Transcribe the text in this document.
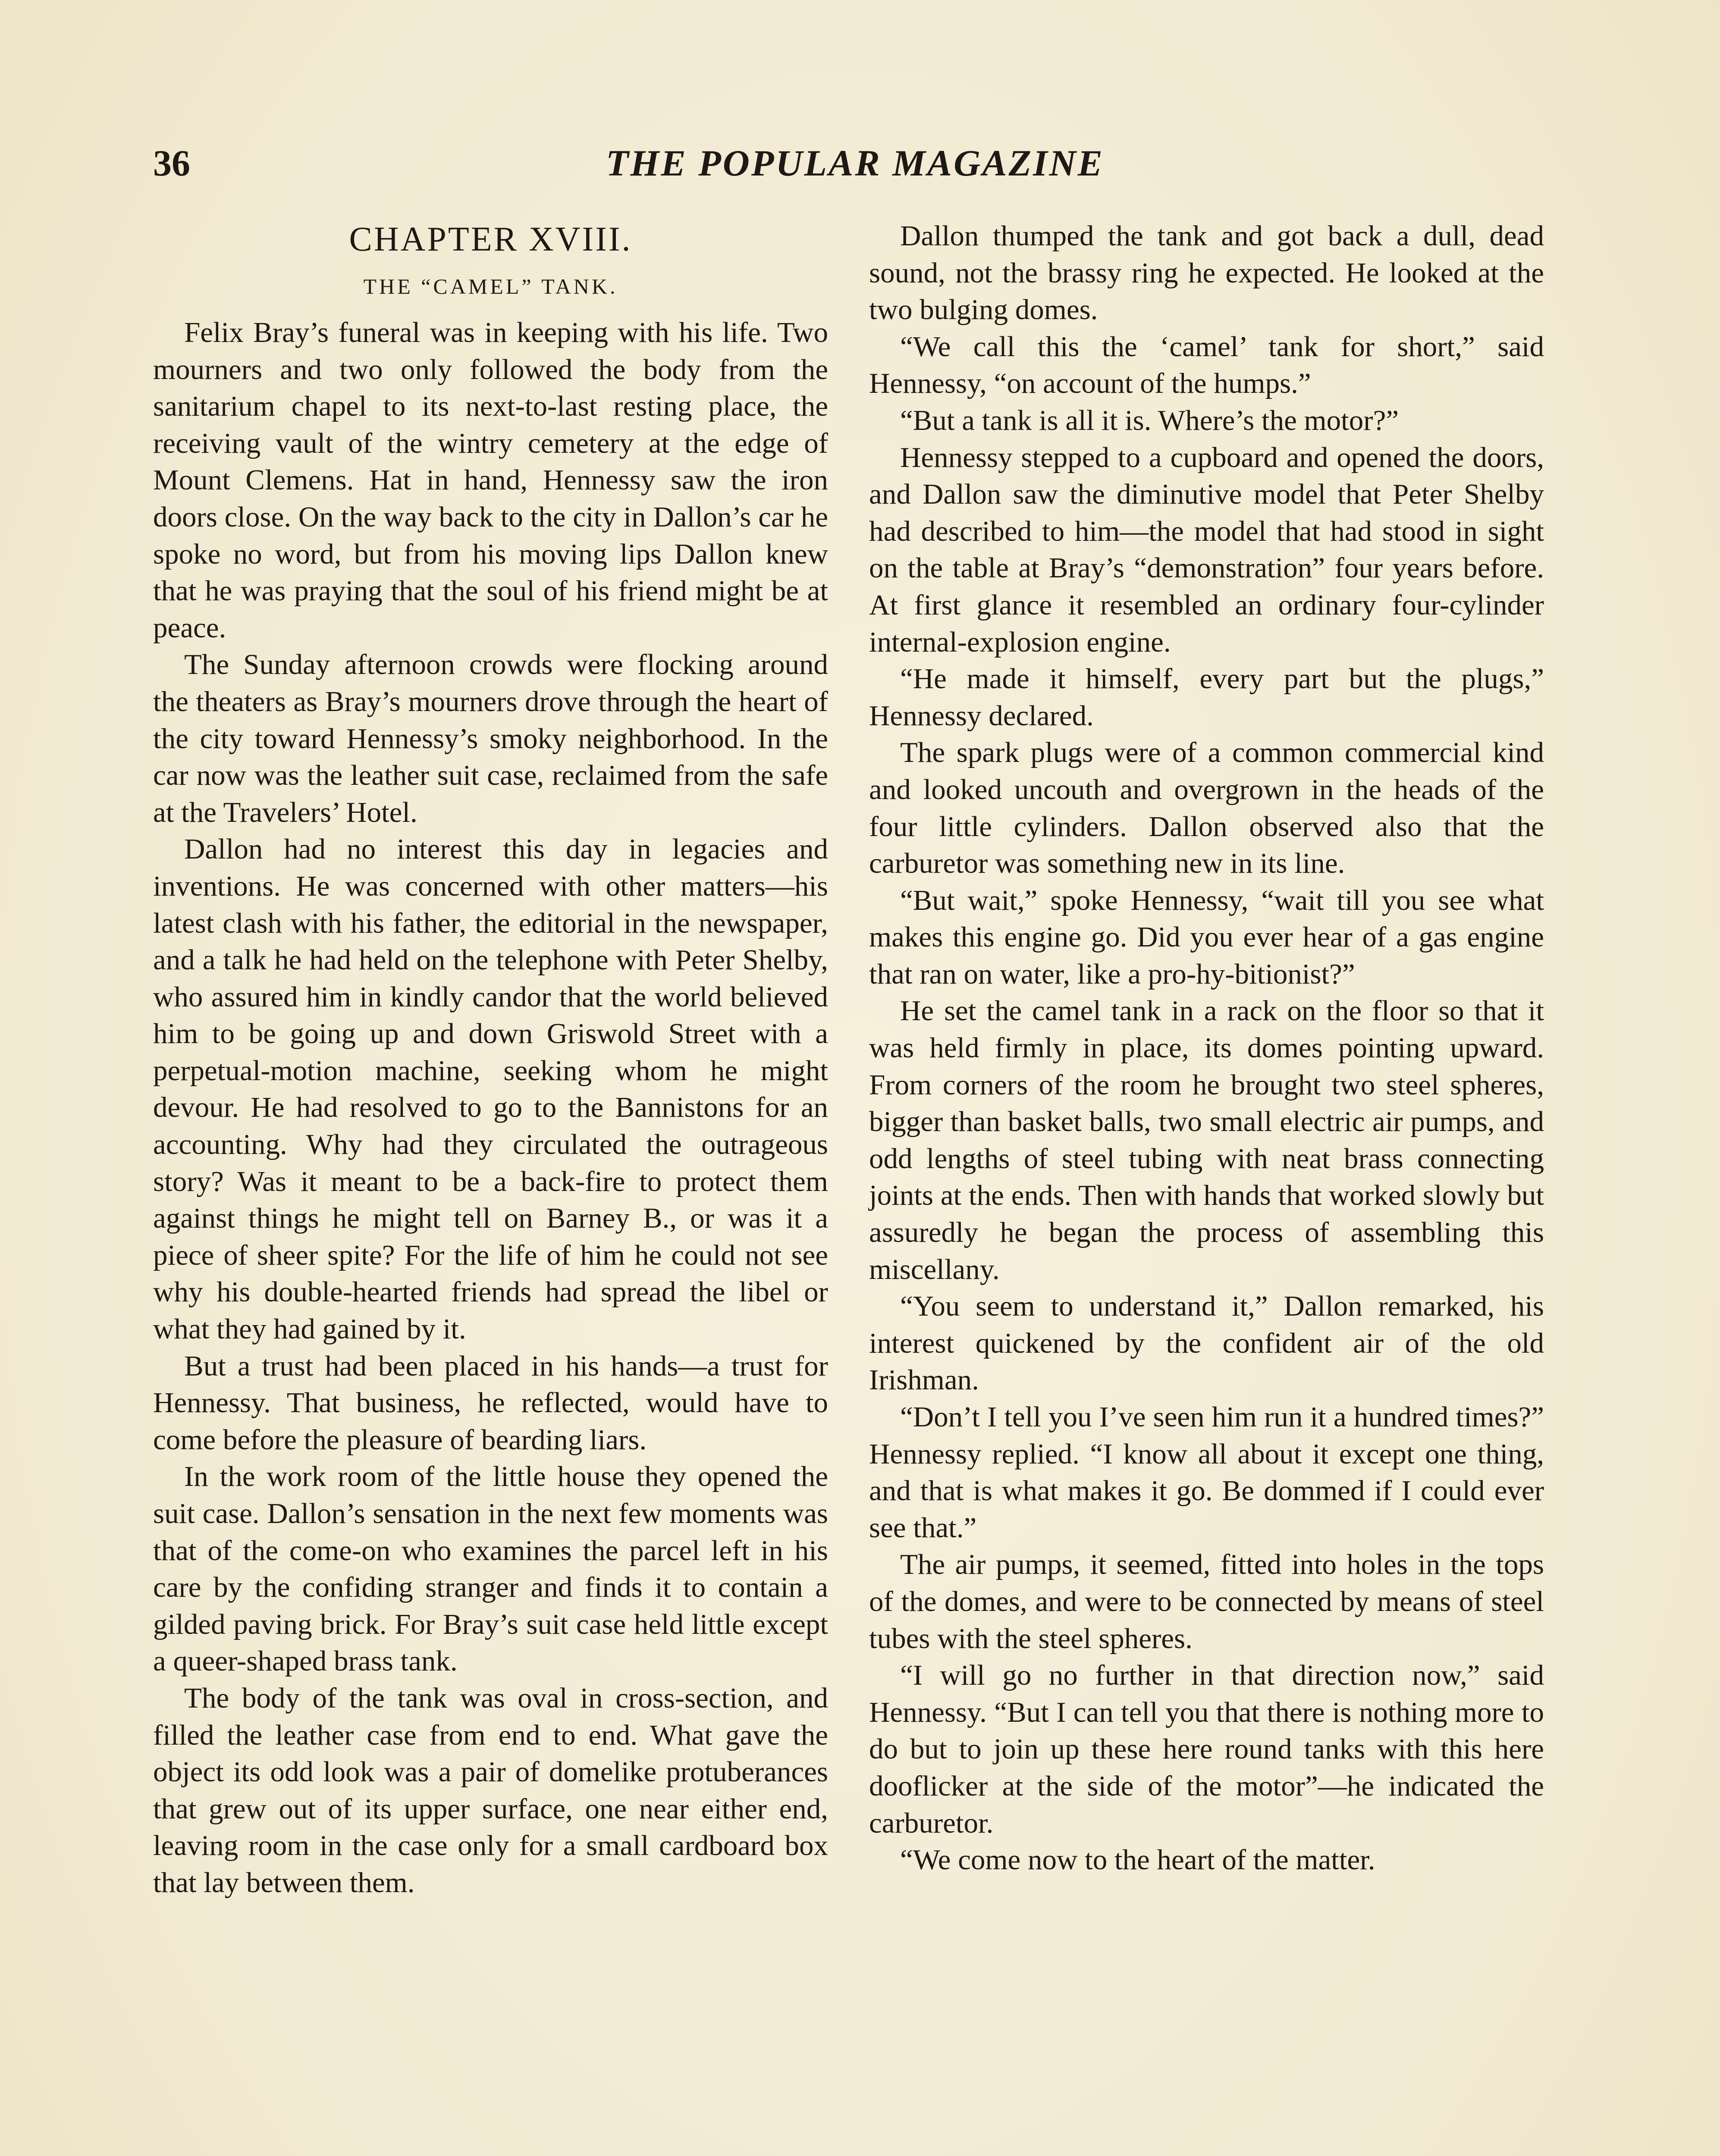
36	THE POPULAR MAGAZINE
CHAPTER XVIII.
THE “CAMEL” TANK.

Felix Bray’s funeral was in keeping with his life. Two mourners and two only followed the body from the sanitarium chapel to its next-to-last resting place, the receiving vault of the wintry cemetery at the edge of Mount Clemens. Hat in hand, Hennessy saw the iron doors close. On the way back to the city in Dallon’s car he spoke no word, but from his moving lips Dallon knew that he was praying that the soul of his friend might be at peace.

The Sunday afternoon crowds were flocking around the theaters as Bray’s mourners drove through the heart of the city toward Hennessy’s smoky neighborhood. In the car now was the leather suit case, reclaimed from the safe at the Travelers’ Hotel.

Dallon had no interest this day in legacies and inventions. He was concerned with other matters—his latest clash with his father, the editorial in the newspaper, and a talk he had held on the telephone with Peter Shelby, who assured him in kindly candor that the world believed him to be going up and down Griswold Street with a perpetual-motion machine, seeking whom he might devour. He had resolved to go to the Bannistons for an accounting. Why had they circulated the outrageous story? Was it meant to be a back-fire to protect them against things he might tell on Barney B., or was it a piece of sheer spite? For the life of him he could not see why his double-hearted friends had spread the libel or what they had gained by it.

But a trust had been placed in his hands—a trust for Hennessy. That business, he reflected, would have to come before the pleasure of bearding liars.

In the work room of the little house they opened the suit case. Dallon’s sensation in the next few moments was that of the come-on who examines the parcel left in his care by the confiding stranger and finds it to contain a gilded paving brick. For Bray’s suit case held little except a queer-shaped brass tank.

The body of the tank was oval in cross-section, and filled the leather case from end to end. What gave the object its odd look was a pair of domelike protuberances that grew out of its upper surface, one near either end, leaving room in the case only for a small cardboard box that lay between them.

Dallon thumped the tank and got back a dull, dead sound, not the brassy ring he expected. He looked at the two bulging domes.

“We call this the ‘camel’ tank for short,” said Hennessy, “on account of the humps.”

“But a tank is all it is. Where’s the motor?”

Hennessy stepped to a cupboard and opened the doors, and Dallon saw the diminutive model that Peter Shelby had described to him—the model that had stood in sight on the table at Bray’s “demonstration” four years before. At first glance it resembled an ordinary four-cylinder internal-explosion engine.

“He made it himself, every part but the plugs,” Hennessy declared.

The spark plugs were of a common commercial kind and looked uncouth and overgrown in the heads of the four little cylinders. Dallon observed also that the carburetor was something new in its line.

“But wait,” spoke Hennessy, “wait till you see what makes this engine go. Did you ever hear of a gas engine that ran on water, like a pro-hy-bitionist?”

He set the camel tank in a rack on the floor so that it was held firmly in place, its domes pointing upward. From corners of the room he brought two steel spheres, bigger than basket balls, two small electric air pumps, and odd lengths of steel tubing with neat brass connecting joints at the ends. Then with hands that worked slowly but assuredly he began the process of assembling this miscellany.

“You seem to understand it,” Dallon remarked, his interest quickened by the confident air of the old Irishman.

“Don’t I tell you I’ve seen him run it a hundred times?” Hennessy replied. “I know all about it except one thing, and that is what makes it go. Be dommed if I could ever see that.”

The air pumps, it seemed, fitted into holes in the tops of the domes, and were to be connected by means of steel tubes with the steel spheres.

“I will go no further in that direction now,” said Hennessy. “But I can tell you that there is nothing more to do but to join up these here round tanks with this here dooflicker at the side of the motor”—he indicated the carburetor.

“We come now to the heart of the matter.
